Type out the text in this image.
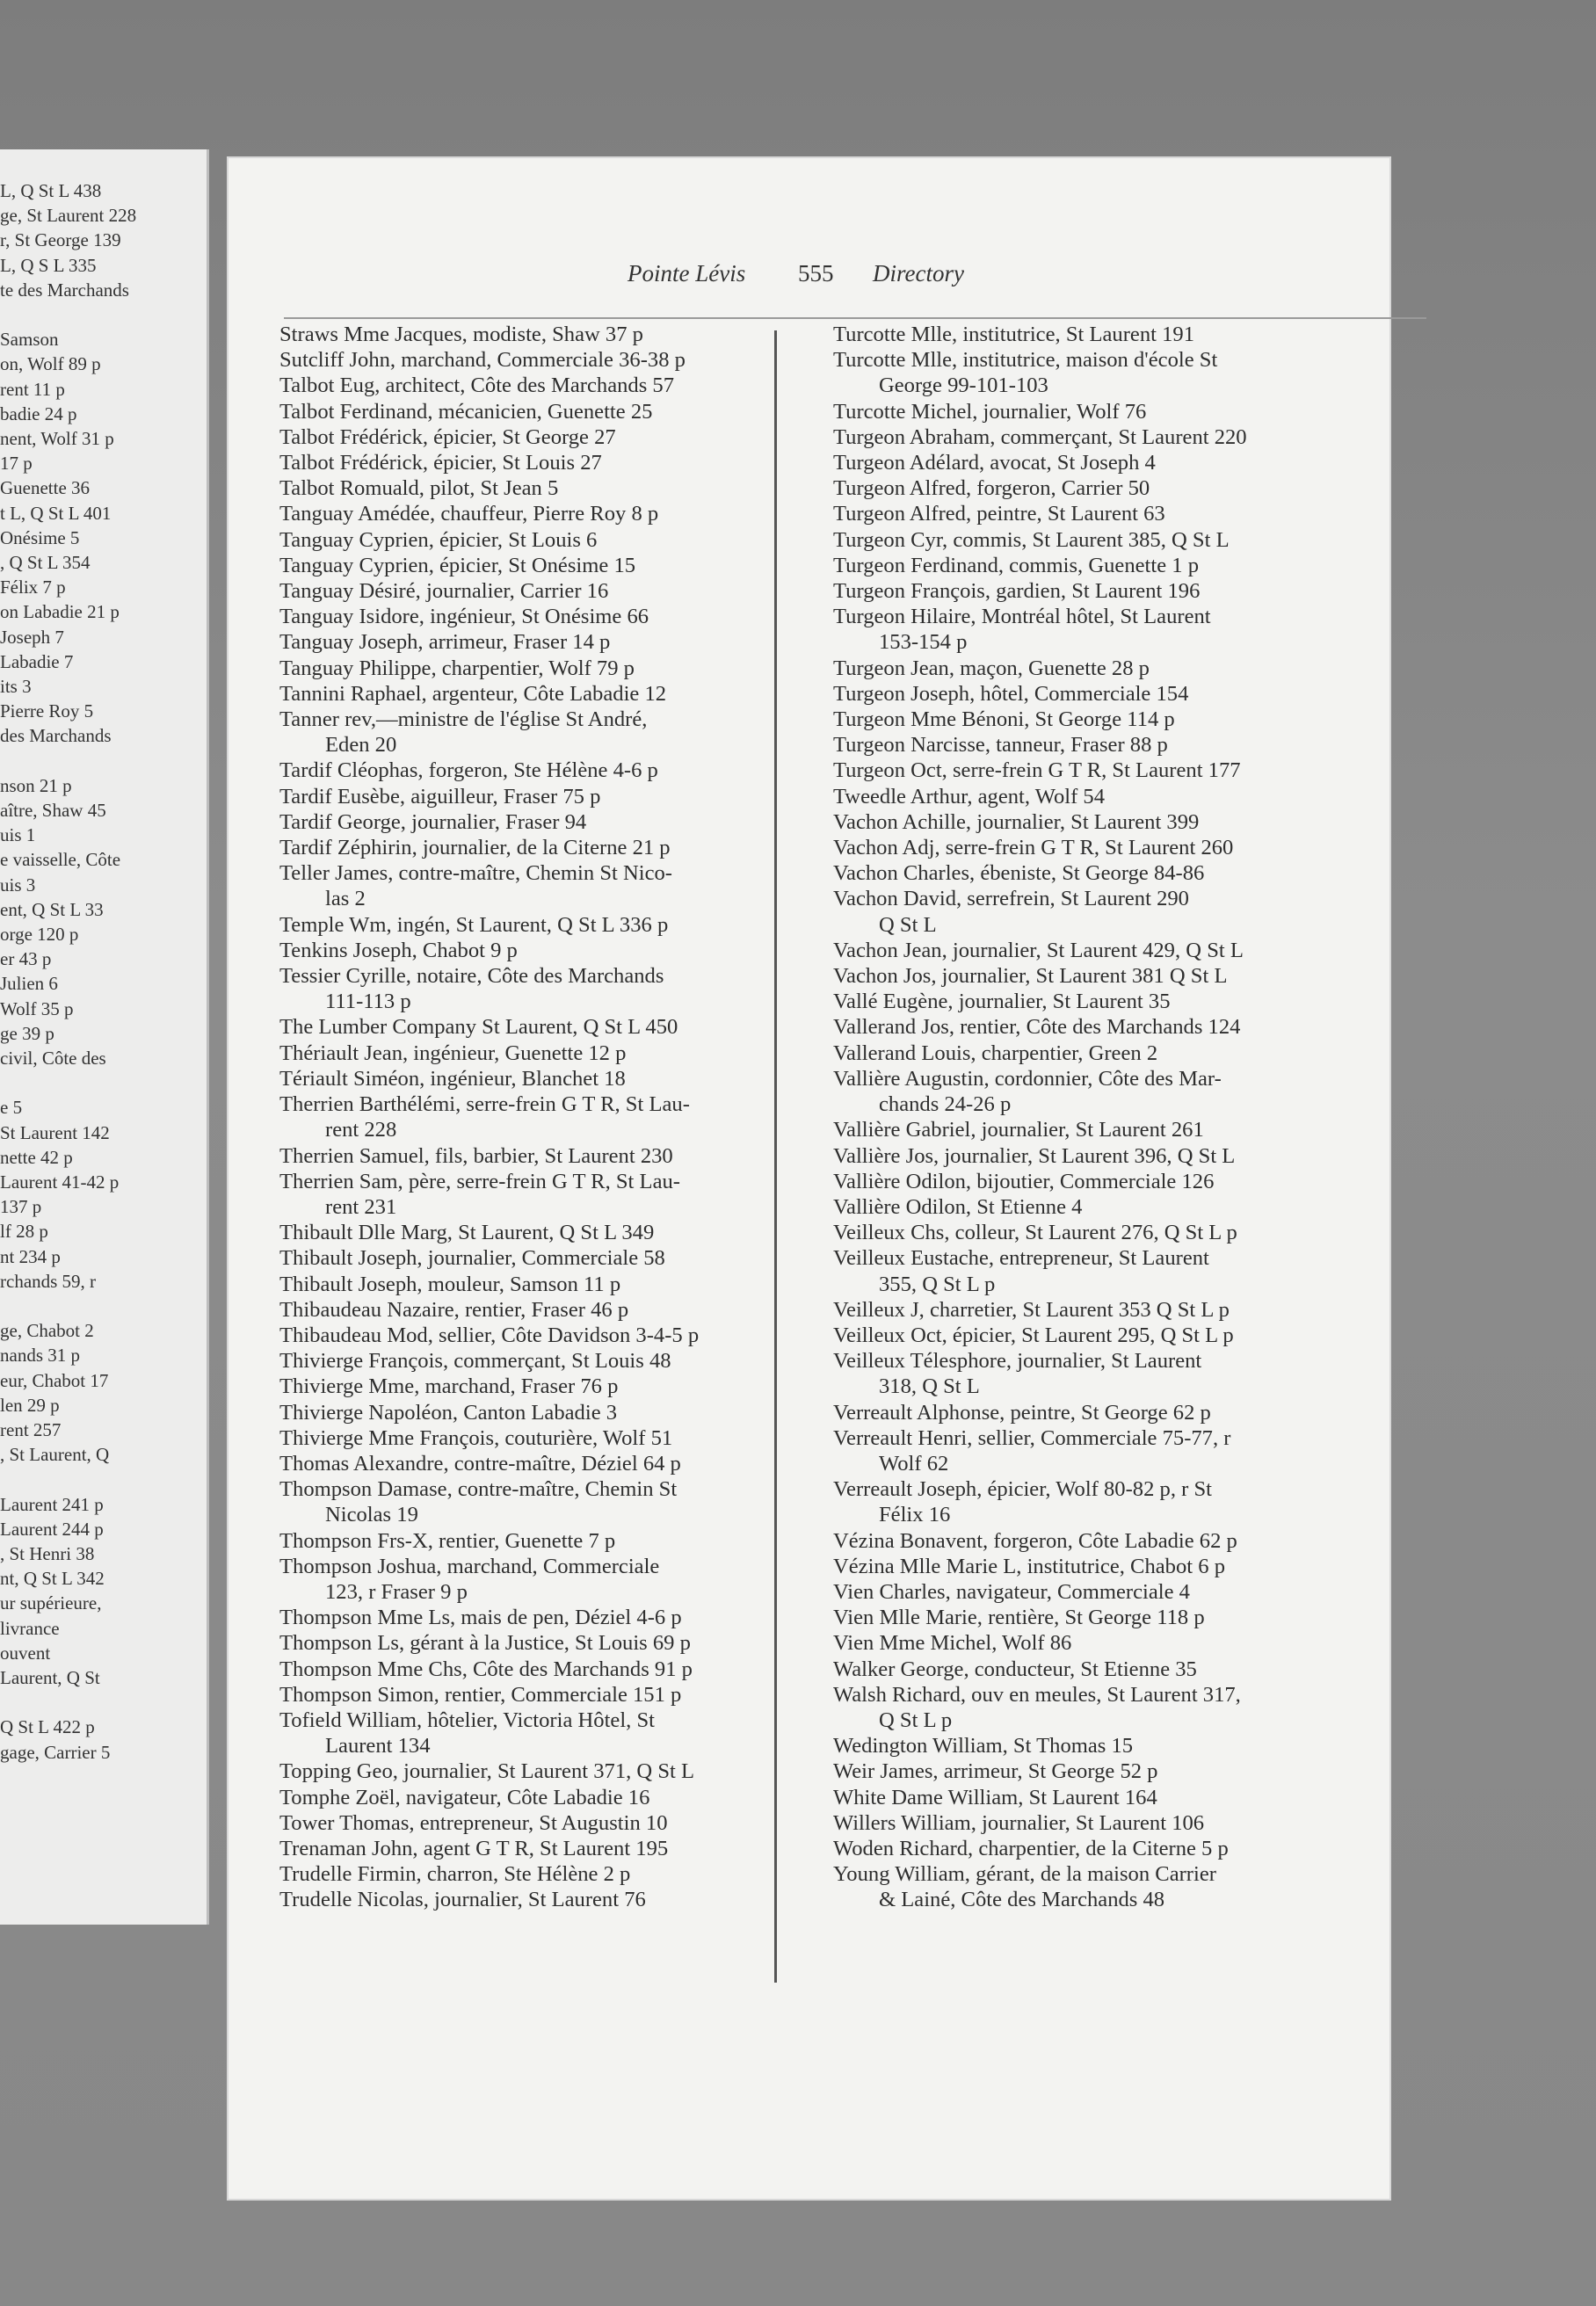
L, Q St L 438
ge, St Laurent 228
r, St George 139
L, Q S L 335
te des Marchands
Samson
on, Wolf 89 p
rent 11 p
badie 24 p
nent, Wolf 31 p
17 p
Guenette 36
t L, Q St L 401
Onésime 5
, Q St L 354
Félix 7 p
on Labadie 21 p
Joseph 7
Labadie 7
its 3
Pierre Roy 5
des Marchands
nson 21 p
aître, Shaw 45
uis 1
e vaisselle, Côte
uis 3
ent, Q St L 33
orge 120 p
er 43 p
Julien 6
Wolf 35 p
ge 39 p
civil, Côte des
e 5
St Laurent 142
nette 42 p
Laurent 41-42 p
137 p
lf 28 p
nt 234 p
rchands 59, r
ge, Chabot 2
nands 31 p
eur, Chabot 17
len 29 p
rent 257
, St Laurent, Q
Laurent 241 p
Laurent 244 p
, St Henri 38
nt, Q St L 342
ur supérieure,
livrance
ouvent
Laurent, Q St
Q St L 422 p
gage, Carrier 5
Pointe Lévis 555 Directory
Straws Mme Jacques, modiste, Shaw 37 p
Sutcliff John, marchand, Commerciale 36-38 p
Talbot Eug, architect, Côte des Marchands 57
Talbot Ferdinand, mécanicien, Guenette 25
Talbot Frédérick, épicier, St George 27
Talbot Frédérick, épicier, St Louis 27
Talbot Romuald, pilot, St Jean 5
Tanguay Amédée, chauffeur, Pierre Roy 8 p
Tanguay Cyprien, épicier, St Louis 6
Tanguay Cyprien, épicier, St Onésime 15
Tanguay Désiré, journalier, Carrier 16
Tanguay Isidore, ingénieur, St Onésime 66
Tanguay Joseph, arrimeur, Fraser 14 p
Tanguay Philippe, charpentier, Wolf 79 p
Tannini Raphael, argenteur, Côte Labadie 12
Tanner rev,—ministre de l'église St André,
Eden 20
Tardif Cléophas, forgeron, Ste Hélène 4-6 p
Tardif Eusèbe, aiguilleur, Fraser 75 p
Tardif George, journalier, Fraser 94
Tardif Zéphirin, journalier, de la Citerne 21 p
Teller James, contre-maître, Chemin St Nico-
las 2
Temple Wm, ingén, St Laurent, Q St L 336 p
Tenkins Joseph, Chabot 9 p
Tessier Cyrille, notaire, Côte des Marchands
111-113 p
The Lumber Company St Laurent, Q St L 450
Thériault Jean, ingénieur, Guenette 12 p
Tériault Siméon, ingénieur, Blanchet 18
Therrien Barthélémi, serre-frein G T R, St Lau-
rent 228
Therrien Samuel, fils, barbier, St Laurent 230
Therrien Sam, père, serre-frein G T R, St Lau-
rent 231
Thibault Dlle Marg, St Laurent, Q St L 349
Thibault Joseph, journalier, Commerciale 58
Thibault Joseph, mouleur, Samson 11 p
Thibaudeau Nazaire, rentier, Fraser 46 p
Thibaudeau Mod, sellier, Côte Davidson 3-4-5 p
Thivierge François, commerçant, St Louis 48
Thivierge Mme, marchand, Fraser 76 p
Thivierge Napoléon, Canton Labadie 3
Thivierge Mme François, couturière, Wolf 51
Thomas Alexandre, contre-maître, Déziel 64 p
Thompson Damase, contre-maître, Chemin St
Nicolas 19
Thompson Frs-X, rentier, Guenette 7 p
Thompson Joshua, marchand, Commerciale
123, r Fraser 9 p
Thompson Mme Ls, mais de pen, Déziel 4-6 p
Thompson Ls, gérant à la Justice, St Louis 69 p
Thompson Mme Chs, Côte des Marchands 91 p
Thompson Simon, rentier, Commerciale 151 p
Tofield William, hôtelier, Victoria Hôtel, St
Laurent 134
Topping Geo, journalier, St Laurent 371, Q St L
Tomphe Zoël, navigateur, Côte Labadie 16
Tower Thomas, entrepreneur, St Augustin 10
Trenaman John, agent G T R, St Laurent 195
Trudelle Firmin, charron, Ste Hélène 2 p
Trudelle Nicolas, journalier, St Laurent 76
Turcotte Mlle, institutrice, St Laurent 191
Turcotte Mlle, institutrice, maison d'école St
George 99-101-103
Turcotte Michel, journalier, Wolf 76
Turgeon Abraham, commerçant, St Laurent 220
Turgeon Adélard, avocat, St Joseph 4
Turgeon Alfred, forgeron, Carrier 50
Turgeon Alfred, peintre, St Laurent 63
Turgeon Cyr, commis, St Laurent 385, Q St L
Turgeon Ferdinand, commis, Guenette 1 p
Turgeon François, gardien, St Laurent 196
Turgeon Hilaire, Montréal hôtel, St Laurent
153-154 p
Turgeon Jean, maçon, Guenette 28 p
Turgeon Joseph, hôtel, Commerciale 154
Turgeon Mme Bénoni, St George 114 p
Turgeon Narcisse, tanneur, Fraser 88 p
Turgeon Oct, serre-frein G T R, St Laurent 177
Tweedle Arthur, agent, Wolf 54
Vachon Achille, journalier, St Laurent 399
Vachon Adj, serre-frein G T R, St Laurent 260
Vachon Charles, ébeniste, St George 84-86
Vachon David, serrefrein, St Laurent 290
Q St L
Vachon Jean, journalier, St Laurent 429, Q St L
Vachon Jos, journalier, St Laurent 381 Q St L
Vallé Eugène, journalier, St Laurent 35
Vallerand Jos, rentier, Côte des Marchands 124
Vallerand Louis, charpentier, Green 2
Vallière Augustin, cordonnier, Côte des Mar-
chands 24-26 p
Vallière Gabriel, journalier, St Laurent 261
Vallière Jos, journalier, St Laurent 396, Q St L
Vallière Odilon, bijoutier, Commerciale 126
Vallière Odilon, St Etienne 4
Veilleux Chs, colleur, St Laurent 276, Q St L p
Veilleux Eustache, entrepreneur, St Laurent
355, Q St L p
Veilleux J, charretier, St Laurent 353 Q St L p
Veilleux Oct, épicier, St Laurent 295, Q St L p
Veilleux Télesphore, journalier, St Laurent
318, Q St L
Verreault Alphonse, peintre, St George 62 p
Verreault Henri, sellier, Commerciale 75-77, r
Wolf 62
Verreault Joseph, épicier, Wolf 80-82 p, r St
Félix 16
Vézina Bonavent, forgeron, Côte Labadie 62 p
Vézina Mlle Marie L, institutrice, Chabot 6 p
Vien Charles, navigateur, Commerciale 4
Vien Mlle Marie, rentière, St George 118 p
Vien Mme Michel, Wolf 86
Walker George, conducteur, St Etienne 35
Walsh Richard, ouv en meules, St Laurent 317,
Q St L p
Wedington William, St Thomas 15
Weir James, arrimeur, St George 52 p
White Dame William, St Laurent 164
Willers William, journalier, St Laurent 106
Woden Richard, charpentier, de la Citerne 5 p
Young William, gérant, de la maison Carrier
& Lainé, Côte des Marchands 48
